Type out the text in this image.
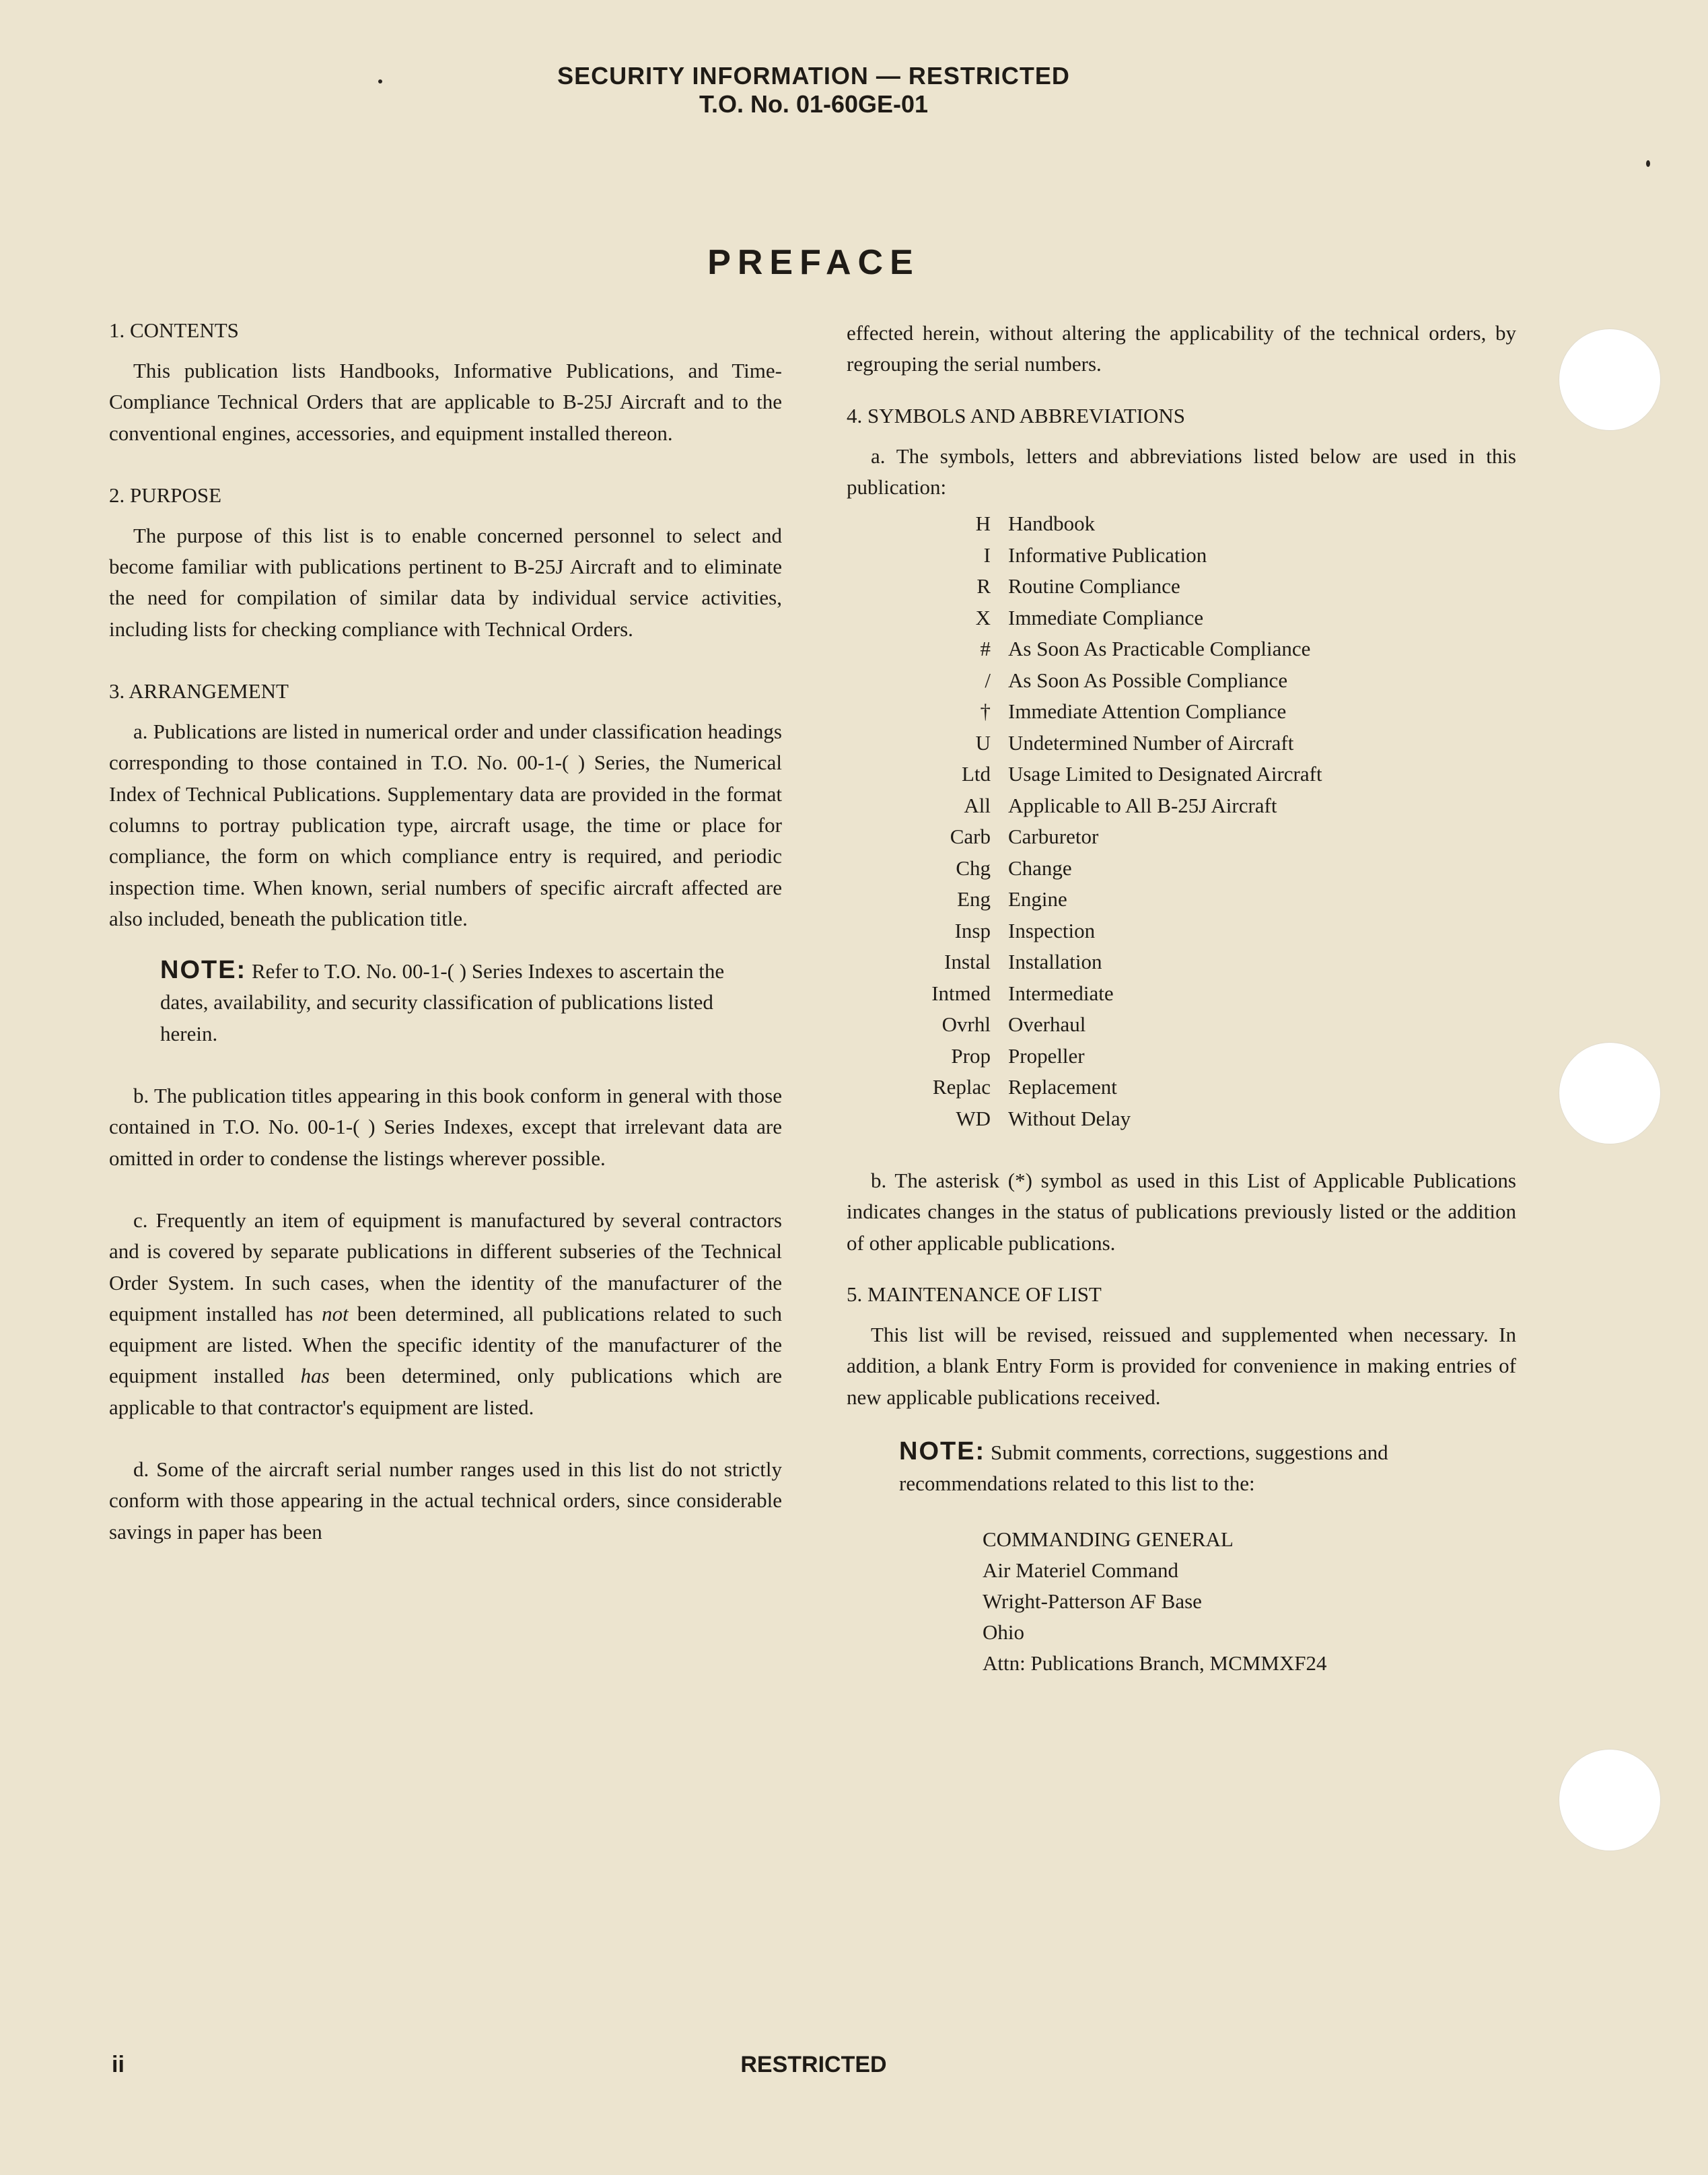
SECURITY INFORMATION — RESTRICTED
T.O. No. 01-60GE-01
PREFACE
1. CONTENTS

This publication lists Handbooks, Informative Publications, and Time-Compliance Technical Orders that are applicable to B-25J Aircraft and to the conventional engines, accessories, and equipment installed thereon.

2. PURPOSE

The purpose of this list is to enable concerned personnel to select and become familiar with publications pertinent to B-25J Aircraft and to eliminate the need for compilation of similar data by individual service activities, including lists for checking compliance with Technical Orders.

3. ARRANGEMENT

a. Publications are listed in numerical order and under classification headings corresponding to those contained in T.O. No. 00-1-( ) Series, the Numerical Index of Technical Publications. Supplementary data are provided in the format columns to portray publication type, aircraft usage, the time or place for compliance, the form on which compliance entry is required, and periodic inspection time. When known, serial numbers of specific aircraft affected are also included, beneath the publication title.

NOTE: Refer to T.O. No. 00-1-( ) Series Indexes to ascertain the dates, availability, and security classification of publications listed herein.

b. The publication titles appearing in this book conform in general with those contained in T.O. No. 00-1-( ) Series Indexes, except that irrelevant data are omitted in order to condense the listings wherever possible.

c. Frequently an item of equipment is manufactured by several contractors and is covered by separate publications in different subseries of the Technical Order System. In such cases, when the identity of the manufacturer of the equipment installed has not been determined, all publications related to such equipment are listed. When the specific identity of the manufacturer of the equipment installed has been determined, only publications which are applicable to that contractor's equipment are listed.

d. Some of the aircraft serial number ranges used in this list do not strictly conform with those appearing in the actual technical orders, since considerable savings in paper has been

effected herein, without altering the applicability of the technical orders, by regrouping the serial numbers.

4. SYMBOLS AND ABBREVIATIONS

a. The symbols, letters and abbreviations listed below are used in this publication:

H	Handbook
I	Informative Publication
R	Routine Compliance
X	Immediate Compliance
#	As Soon As Practicable Compliance
/	As Soon As Possible Compliance
†	Immediate Attention Compliance
U	Undetermined Number of Aircraft
Ltd	Usage Limited to Designated Aircraft
All	Applicable to All B-25J Aircraft
Carb	Carburetor
Chg	Change
Eng	Engine
Insp	Inspection
Instal	Installation
Intmed	Intermediate
Ovrhl	Overhaul
Prop	Propeller
Replac	Replacement
WD	Without Delay

b. The asterisk (*) symbol as used in this List of Applicable Publications indicates changes in the status of publications previously listed or the addition of other applicable publications.

5. MAINTENANCE OF LIST

This list will be revised, reissued and supplemented when necessary. In addition, a blank Entry Form is provided for convenience in making entries of new applicable publications received.

NOTE: Submit comments, corrections, suggestions and recommendations related to this list to the:
COMMANDING GENERAL
Air Materiel Command
Wright-Patterson AF Base
Ohio
Attn: Publications Branch, MCMMXF24
ii	RESTRICTED
